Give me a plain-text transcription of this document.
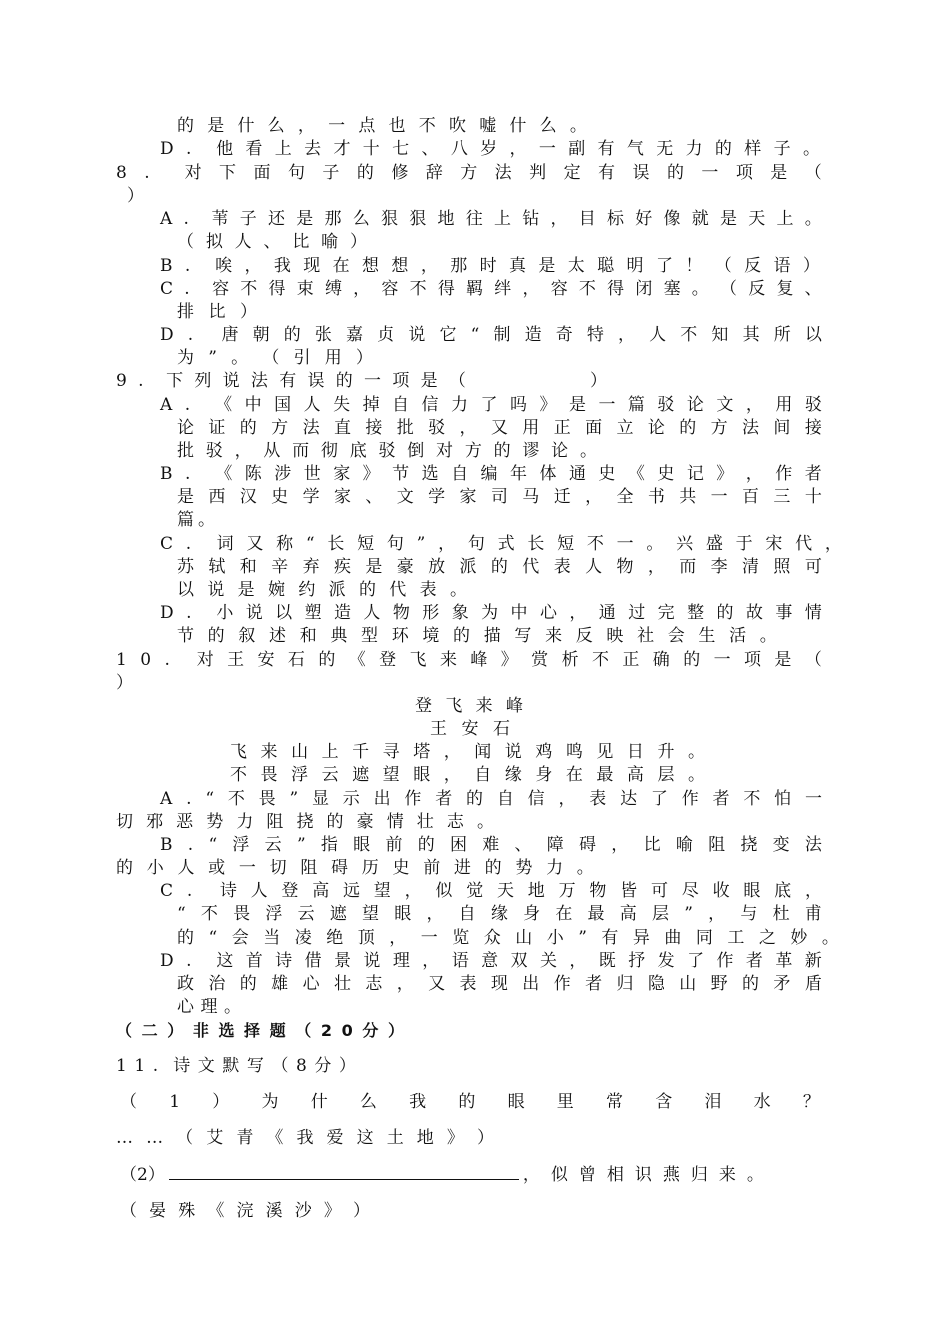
的 是 什 么 ， 一 点 也 不 吹 嘘 什 么 。
D . 他 看 上 去 才 十 七 、 八 岁 ， 一 副 有 气 无 力 的 样 子 。
8 . 对 下 面 句 子 的 修 辞 方 法 判 定 有 误 的 一 项 是 （
）
A . 苇 子 还 是 那 么 狠 狠 地 往 上 钻 ， 目 标 好 像 就 是 天 上 。
（ 拟 人 、 比 喻 ）
B . 唉 ， 我 现 在 想 想 ， 那 时 真 是 太 聪 明 了 ！ （ 反 语 ）
C . 容 不 得 束 缚 ， 容 不 得 羁 绊 ， 容 不 得 闭 塞 。 （ 反 复 、
排 比 ）
D . 唐 朝 的 张 嘉 贞 说 它 “ 制 造 奇 特 ， 人 不 知 其 所 以
为 ” 。 （ 引 用 ）
9 . 下 列 说 法 有 误 的 一 项 是 （	）
A . 《 中 国 人 失 掉 自 信 力 了 吗 》 是 一 篇 驳 论 文 ， 用 驳
论 证 的 方 法 直 接 批 驳 ， 又 用 正 面 立 论 的 方 法 间 接
批 驳 ， 从 而 彻 底 驳 倒 对 方 的 谬 论 。
B . 《 陈 涉 世 家 》 节 选 自 编 年 体 通 史 《 史 记 》 ， 作 者
是 西 汉 史 学 家 、 文 学 家 司 马 迁 ， 全 书 共 一 百 三 十
篇 。
C . 词 又 称 “ 长 短 句 ” ， 句 式 长 短 不 一 。 兴 盛 于 宋 代 ，
苏 轼 和 辛 弃 疾 是 豪 放 派 的 代 表 人 物 ， 而 李 清 照 可
以 说 是 婉 约 派 的 代 表 。
D . 小 说 以 塑 造 人 物 形 象 为 中 心 ， 通 过 完 整 的 故 事 情
节 的 叙 述 和 典 型 环 境 的 描 写 来 反 映 社 会 生 活 。
1 0 . 对 王 安 石 的 《 登 飞 来 峰 》 赏 析 不 正 确 的 一 项 是 （
）
登 飞 来 峰
王 安 石
飞 来 山 上 千 寻 塔 ， 闻 说 鸡 鸣 见 日 升 。
不 畏 浮 云 遮 望 眼 ， 自 缘 身 在 最 高 层 。
A . “ 不 畏 ” 显 示 出 作 者 的 自 信 ， 表 达 了 作 者 不 怕 一
切 邪 恶 势 力 阻 挠 的 豪 情 壮 志 。
B . “ 浮 云 ” 指 眼 前 的 困 难 、 障 碍 ， 比 喻 阻 挠 变 法
的 小 人 或 一 切 阻 碍 历 史 前 进 的 势 力 。
C . 诗 人 登 高 远 望 ， 似 觉 天 地 万 物 皆 可 尽 收 眼 底 ，
“ 不 畏 浮 云 遮 望 眼 ， 自 缘 身 在 最 高 层 ” ， 与 杜 甫
的 “ 会 当 凌 绝 顶 ， 一 览 众 山 小 ” 有 异 曲 同 工 之 妙 。
D . 这 首 诗 借 景 说 理 ， 语 意 双 关 ， 既 抒 发 了 作 者 革 新
政 治 的 雄 心 壮 志 ， 又 表 现 出 作 者 归 隐 山 野 的 矛 盾
心 理 。
（ 二 ） 非 选 择 题 （ 2 0 分 ）
1 1 . 诗 文 默 写 （ 8 分 ）
（ 1 ） 为 什 么 我 的 眼 里 常 含 泪 水 ？
… … （ 艾 青 《 我 爱 这 土 地 》 ）
（2）	，似曾相识燕归来。
（ 晏 殊 《 浣 溪 沙 》 ）
